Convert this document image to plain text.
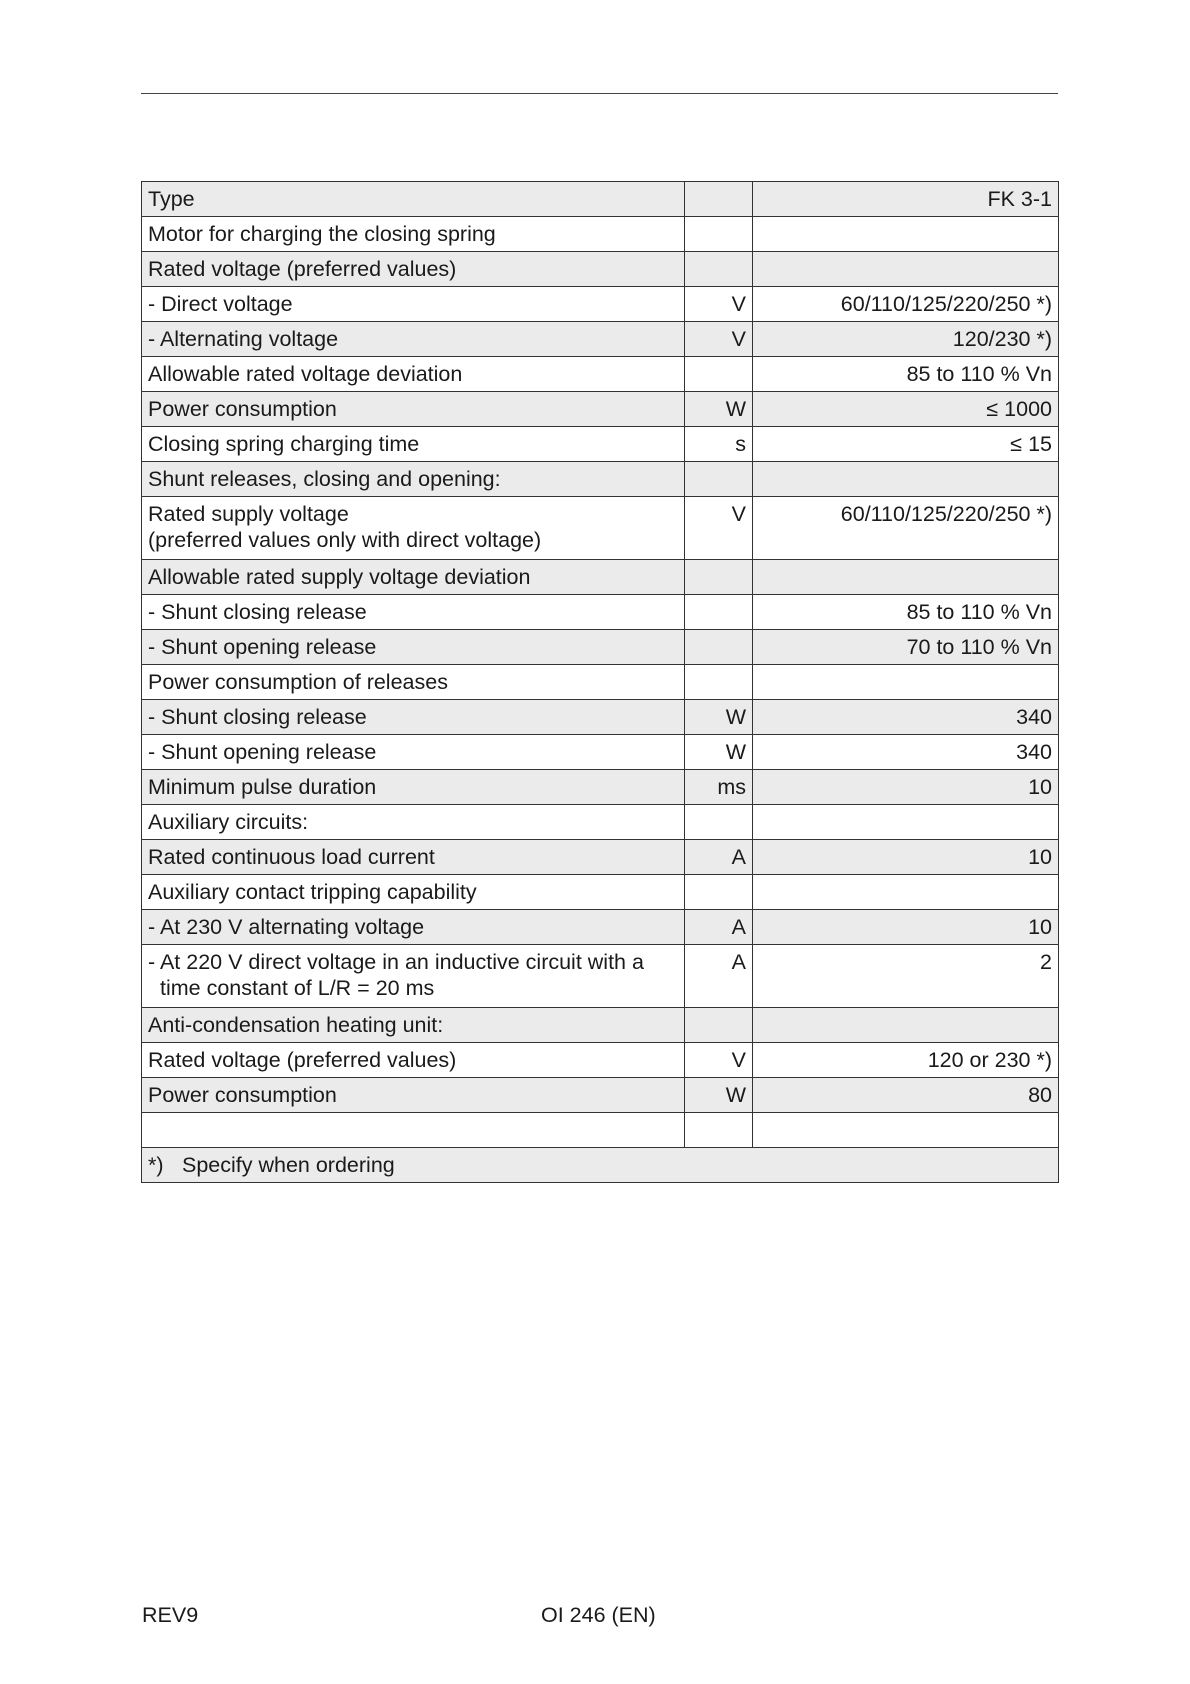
Type		FK 3-1
Motor for charging the closing spring		
Rated voltage (preferred values)		
- Direct voltage	V	60/110/125/220/250 *)
- Alternating voltage	V	120/230 *)
Allowable rated voltage deviation		85 to 110 % Vn
Power consumption	W	≤ 1000
Closing spring charging time	s	≤ 15
Shunt releases, closing and opening:		
Rated supply voltage
(preferred values only with direct voltage)	V	60/110/125/220/250 *)
Allowable rated supply voltage deviation		
- Shunt closing release		85 to 110 % Vn
- Shunt opening release		70 to 110 % Vn
Power consumption of releases		
- Shunt closing release	W	340
- Shunt opening release	W	340
Minimum pulse duration	ms	10
Auxiliary circuits:		
Rated continuous load current	A	10
Auxiliary contact tripping capability		
- At 230 V alternating voltage	A	10
- At 220 V direct voltage in an inductive circuit with a
time constant of L/R = 20 ms	A	2
Anti-condensation heating unit:		
Rated voltage (preferred values)	V	120 or 230 *)
Power consumption	W	80

*) Specify when ordering		
REV9	OI 246 (EN)
